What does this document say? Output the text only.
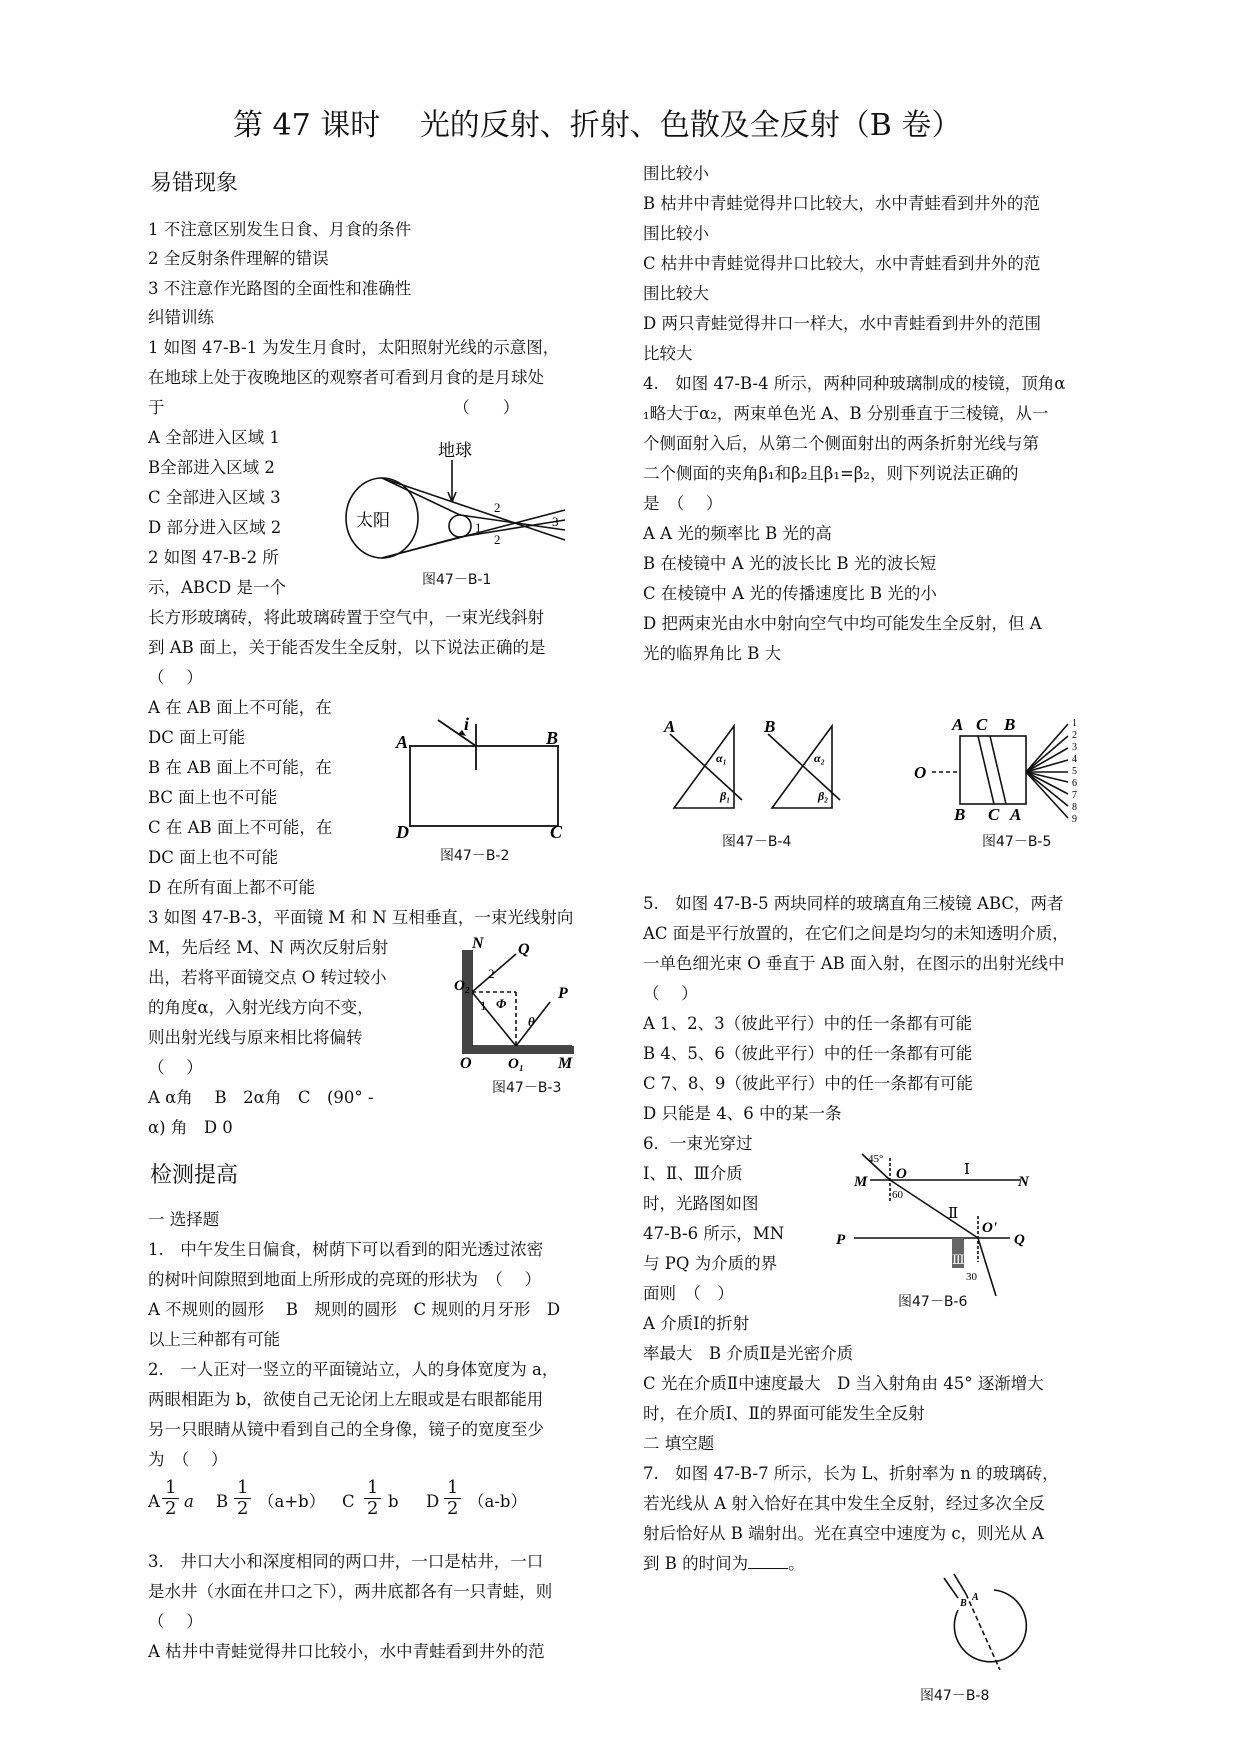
第 47 课时　 光的反射、折射、色散及全反射（B 卷）
易错现象
1 不注意区别发生日食、月食的条件
2 全反射条件理解的错误
3 不注意作光路图的全面性和准确性
纠错训练
1 如图 47-B-1 为发生月食时，太阳照射光线的示意图，
在地球上处于夜晚地区的观察者可看到月食的是月球处
于　　　　　　　　　　　　　　　　　　（　　）
A 全部进入区域 1
B全部进入区域 2
C 全部进入区域 3
D 部分进入区域 2
2 如图 47-B-2 所
示，ABCD 是一个
长方形玻璃砖，将此玻璃砖置于空气中，一束光线斜射
到 AB 面上，关于能否发生全反射，以下说法正确的是
（　 ）
A 在 AB 面上不可能，在
DC 面上可能
B 在 AB 面上不可能，在
BC 面上也不可能
C 在 AB 面上不可能，在
DC 面上也不可能
D 在所有面上都不可能
3 如图 47-B-3，平面镜 M 和 N 互相垂直，一束光线射向
M，先后经 M、N 两次反射后射
出，若将平面镜交点 O 转过较小
的角度α，入射光线方向不变，
则出射光线与原来相比将偏转
（　 ）
A α角　 B　2α角　C　(90° -
α) 角　D 0
检测提高
一 选择题
1.　中午发生日偏食，树荫下可以看到的阳光透过浓密
的树叶间隙照到地面上所形成的亮斑的形状为　（　 ）
A 不规则的圆形　 B　规则的圆形　C 规则的月牙形　D
以上三种都有可能
2.　一人正对一竖立的平面镜站立，人的身体宽度为 a，
两眼相距为 b，欲使自己无论闭上左眼或是右眼都能用
另一只眼睛从镜中看到自己的全身像，镜子的宽度至少
为　（　 ）
A $\frac{1}{2}$ a B $\frac{1}{2} (a+b)$ C $\frac{1}{2}$ b D $\frac{1}{2} (a-b)$
3.　井口大小和深度相同的两口井，一口是枯井，一口
是水井（水面在井口之下），两井底都各有一只青蛙，则
（　 ）
A 枯井中青蛙觉得井口比较小，水中青蛙看到井外的范
围比较小
B 枯井中青蛙觉得井口比较大，水中青蛙看到井外的范
围比较小
C 枯井中青蛙觉得井口比较大，水中青蛙看到井外的范
围比较大
D 两只青蛙觉得井口一样大，水中青蛙看到井外的范围
比较大
4.　如图 47-B-4 所示，两种同种玻璃制成的棱镜，顶角α
₁略大于α₂，两束单色光 A、B 分别垂直于三棱镜，从一
个侧面射入后，从第二个侧面射出的两条折射光线与第
二个侧面的夹角β₁和β₂且β₁=β₂，则下列说法正确的
是　（　 ）
A A 光的频率比 B 光的高
B 在棱镜中 A 光的波长比 B 光的波长短
C 在棱镜中 A 光的传播速度比 B 光的小
D 把两束光由水中射向空气中均可能发生全反射，但 A
光的临界角比 B 大
5.　如图 47-B-5 两块同样的玻璃直角三棱镜 ABC，两者
AC 面是平行放置的，在它们之间是均匀的未知透明介质，
一单色细光束 O 垂直于 AB 面入射，在图示的出射光线中
（　 ）
A 1、2、3（彼此平行）中的任一条都有可能
B 4、5、6（彼此平行）中的任一条都有可能
C 7、8、9（彼此平行）中的任一条都有可能
D 只能是 4、6 中的某一条
6．一束光穿过
Ⅰ、Ⅱ、Ⅲ介质
时，光路图如图
47-B-6 所示，MN
与 PQ 为介质的界
面则　（　）
A 介质Ⅰ的折射
率最大　B 介质Ⅱ是光密介质
C 光在介质Ⅱ中速度最大　D 当入射角由 45° 逐渐增大
时，在介质Ⅰ、Ⅱ的界面可能发生全反射
二 填空题
7.　如图 47-B-7 所示，长为 L、折射率为 n 的玻璃砖，
若光线从 A 射入恰好在其中发生全反射，经过多次全反
射后恰好从 B 端射出。光在真空中速度为 c，则光从 A
到 B 的时间为 。
太阳
地球
1
2
2
3
图47－B-1
A	B
C
D
i
图47－B-2
N Q
P
O₂
O O₁ M
2
1 Φ
θ
图47－B-3
A	B
α₁	α₂
β₁	β₂
图47－B-4
A C B
B C A
O
1
2
3
4
5
6
7
8
9
图47－B-5
45°
M O	Ⅰ
N
60
Ⅱ
P
O'
Q
Ⅲ
30
图47－B-6
B
A
图47－B-8
